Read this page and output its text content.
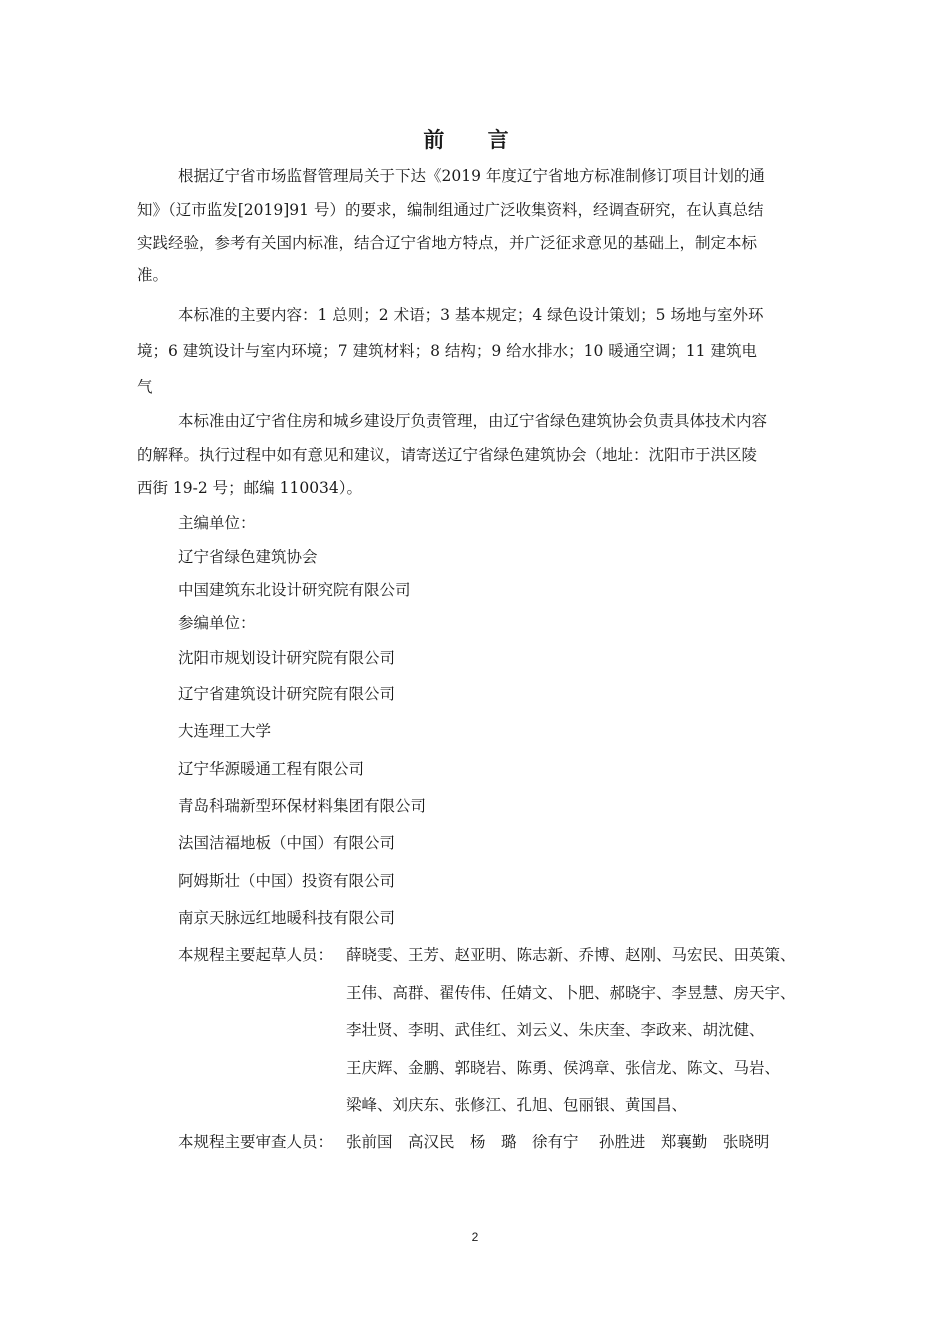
前 言
根据辽宁省市场监督管理局关于下达《2019 年度辽宁省地方标准制修订项目计划的通
知》（辽市监发[2019]91 号）的要求，编制组通过广泛收集资料，经调查研究，在认真总结
实践经验，参考有关国内标准，结合辽宁省地方特点，并广泛征求意见的基础上，制定本标
准。
本标准的主要内容：1 总则；2 术语；3 基本规定；4 绿色设计策划；5 场地与室外环
境；6 建筑设计与室内环境；7 建筑材料；8 结构；9 给水排水；10 暖通空调；11 建筑电
气
本标准由辽宁省住房和城乡建设厅负责管理，由辽宁省绿色建筑协会负责具体技术内容
的解释。执行过程中如有意见和建议，请寄送辽宁省绿色建筑协会（地址：沈阳市于洪区陵
西街 19-2 号；邮编 110034）。
主编单位：
辽宁省绿色建筑协会
中国建筑东北设计研究院有限公司
参编单位：
沈阳市规划设计研究院有限公司
辽宁省建筑设计研究院有限公司
大连理工大学
辽宁华源暖通工程有限公司
青岛科瑞新型环保材料集团有限公司
法国洁福地板（中国）有限公司
阿姆斯壮（中国）投资有限公司
南京天脉远红地暖科技有限公司
本规程主要起草人员： 薛晓雯、王芳、赵亚明、陈志新、乔博、赵刚、马宏民、田英策、
王伟、高群、翟传伟、任婧文、卜肥、郝晓宇、李昱慧、房天宇、
李壮贤、李明、武佳红、刘云义、朱庆奎、李政来、胡沈健、
王庆辉、金鹏、郭晓岩、陈勇、侯鸿章、张信龙、陈文、马岩、
梁峰、刘庆东、张修江、孔旭、包丽银、黄国昌、
本规程主要审查人员： 张前国　高汉民　杨　璐　徐有宁　 孙胜进　郑襄勤　张晓明
2
